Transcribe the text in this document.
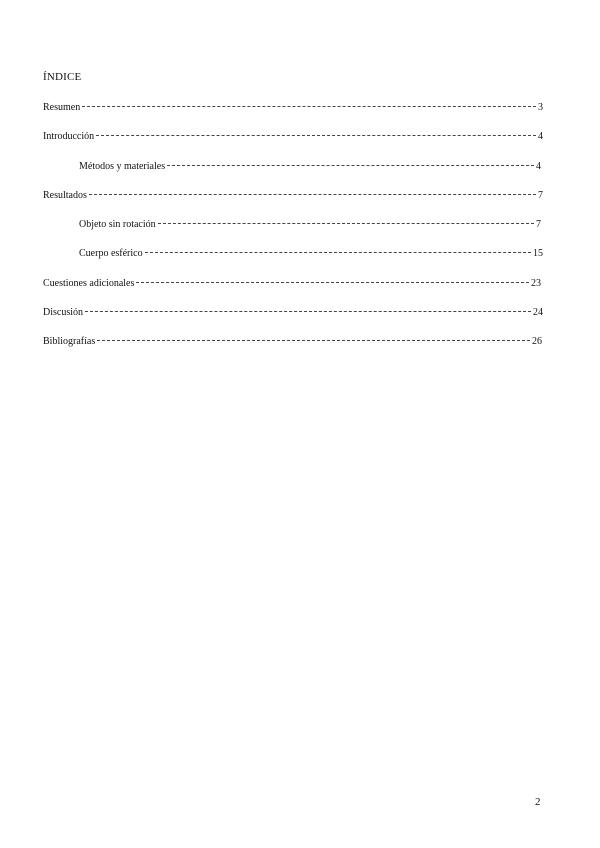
ÍNDICE
Resumen	3
Introducción	4
Métodos y materiales	4
Resultados	7
Objeto sin rotación	7
Cuerpo esférico	15
Cuestiones adicionales	23
Discusión	24
Bibliografías	26
2
